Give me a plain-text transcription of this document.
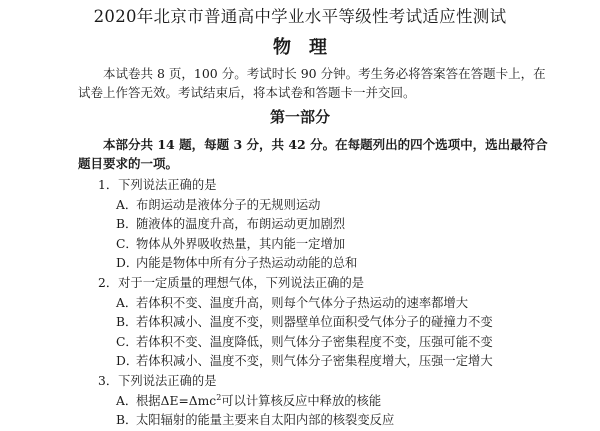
2020年北京市普通高中学业水平等级性考试适应性测试
物理
本试卷共 8 页，100 分。考试时长 90 分钟。考生务必将答案答在答题卡上，在试卷上作答无效。考试结束后，将本试卷和答题卡一并交回。
第一部分
本部分共 14 题，每题 3 分，共 42 分。在每题列出的四个选项中，选出最符合题目要求的一项。
1．下列说法正确的是
A．布朗运动是液体分子的无规则运动
B．随液体的温度升高，布朗运动更加剧烈
C．物体从外界吸收热量，其内能一定增加
D．内能是物体中所有分子热运动动能的总和
2．对于一定质量的理想气体，下列说法正确的是
A．若体积不变、温度升高，则每个气体分子热运动的速率都增大
B．若体积减小、温度不变，则器壁单位面积受气体分子的碰撞力不变
C．若体积不变、温度降低，则气体分子密集程度不变，压强可能不变
D．若体积减小、温度不变，则气体分子密集程度增大，压强一定增大
3．下列说法正确的是
A．根据ΔE=Δmc$^2$可以计算核反应中释放的核能
B．太阳辐射的能量主要来自太阳内部的核裂变反应
